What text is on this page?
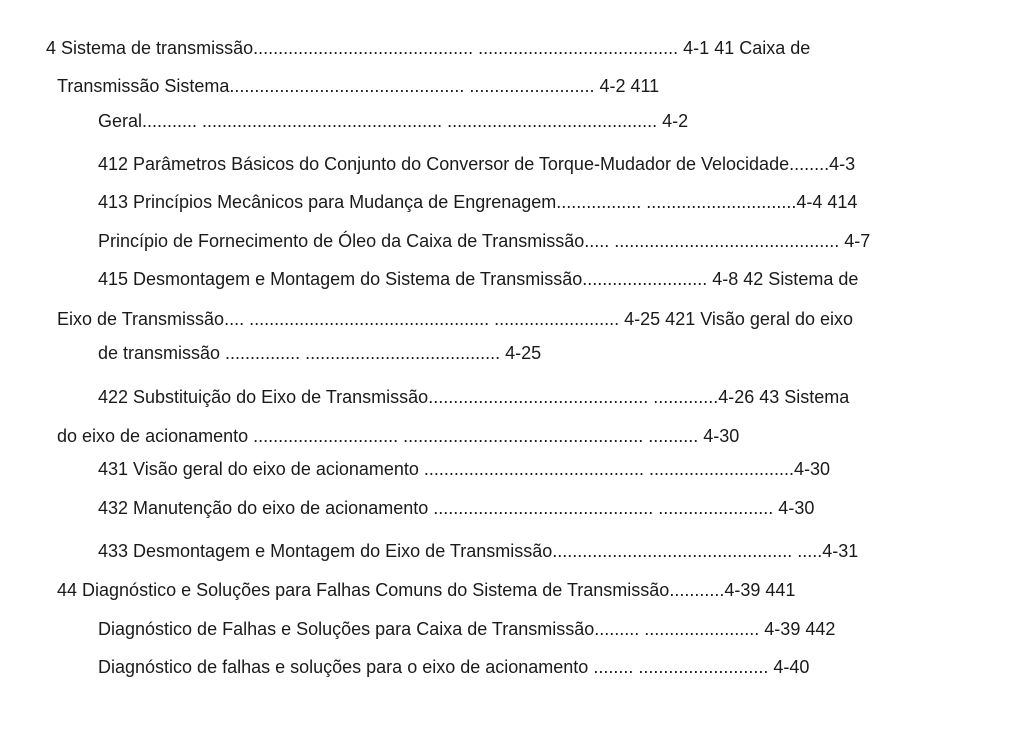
4 Sistema de transmissão............................................ ........................................ 4-1 41 Caixa de
Transmissão Sistema............................................... ......................... 4-2 411
Geral........... ................................................ .......................................... 4-2
412 Parâmetros Básicos do Conjunto do Conversor de Torque-Mudador de Velocidade........4-3
413 Princípios Mecânicos para Mudança de Engrenagem................. ..............................4-4 414
Princípio de Fornecimento de Óleo da Caixa de Transmissão..... ............................................. 4-7
415 Desmontagem e Montagem do Sistema de Transmissão......................... 4-8 42 Sistema de
Eixo de Transmissão.... ................................................ ......................... 4-25 421 Visão geral do eixo
de transmissão ............... ....................................... 4-25
422 Substituição do Eixo de Transmissão............................................ .............4-26 43 Sistema
do eixo de acionamento ............................. ................................................ .......... 4-30
431 Visão geral do eixo de acionamento ............................................ .............................4-30
432 Manutenção do eixo de acionamento ............................................ ....................... 4-30
433 Desmontagem e Montagem do Eixo de Transmissão................................................ .....4-31
44 Diagnóstico e Soluções para Falhas Comuns do Sistema de Transmissão...........4-39 441
Diagnóstico de Falhas e Soluções para Caixa de Transmissão......... ....................... 4-39 442
Diagnóstico de falhas e soluções para o eixo de acionamento ........ .......................... 4-40
